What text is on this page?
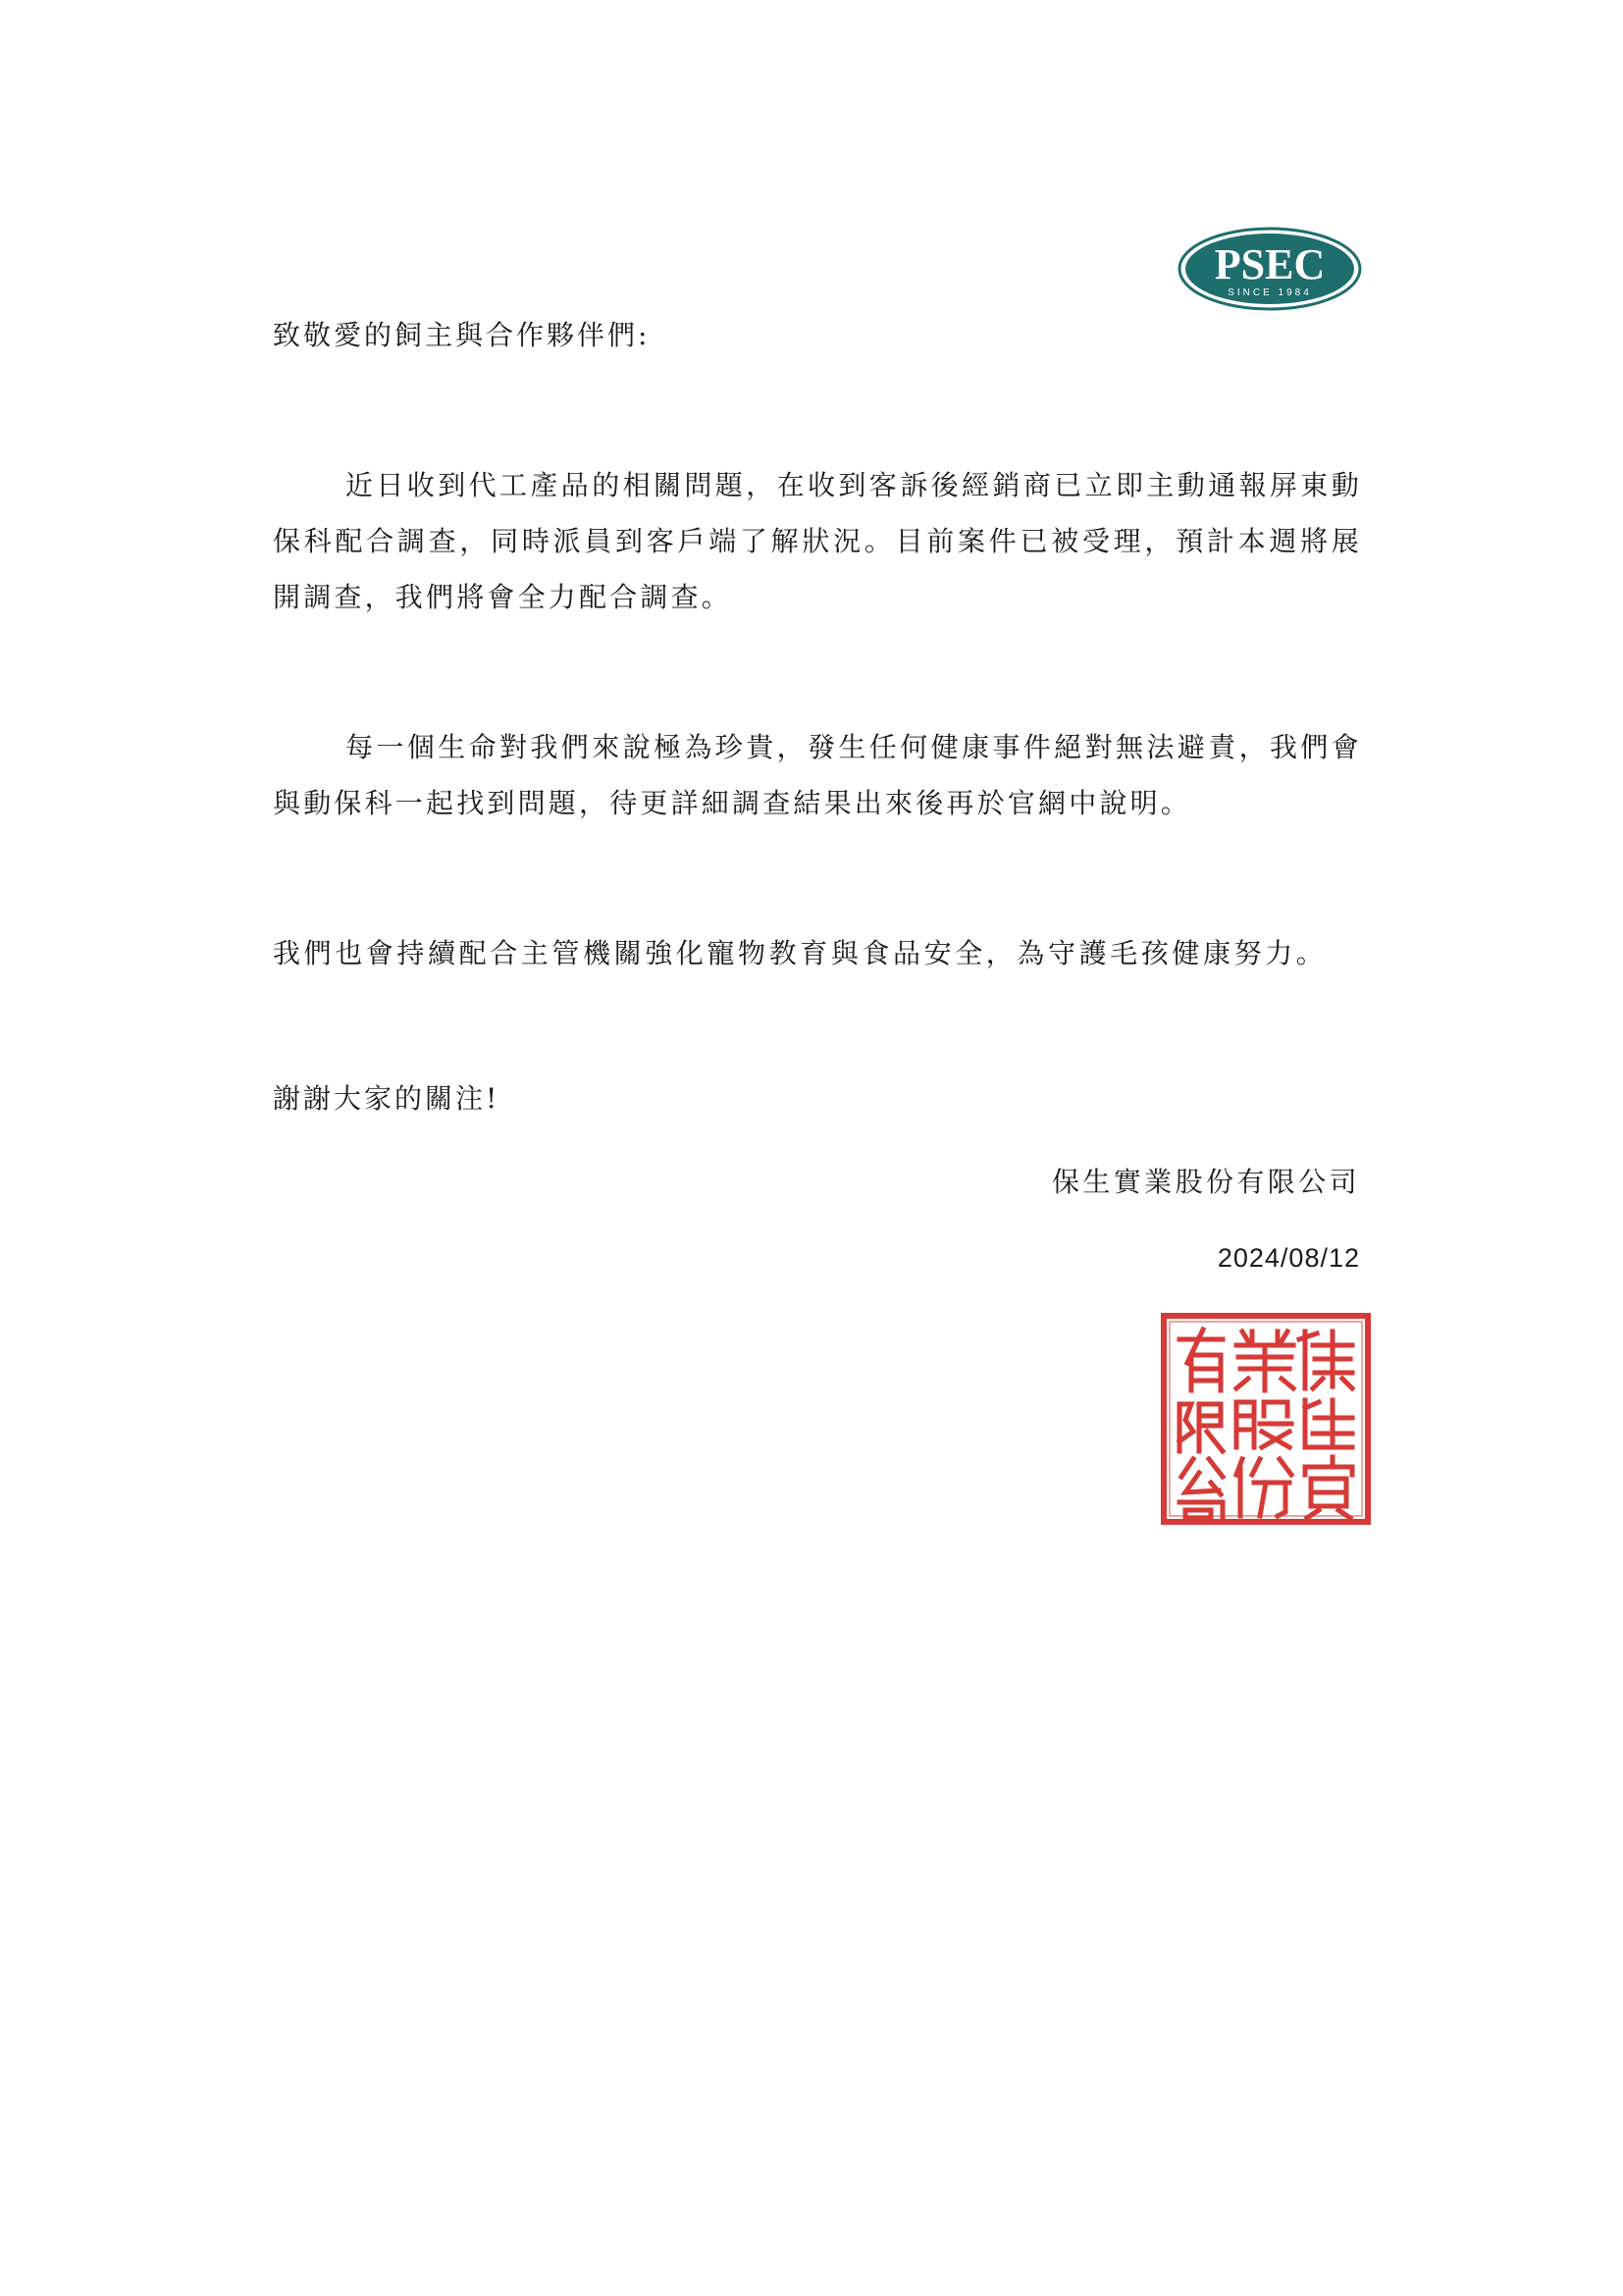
PSEC
SINCE 1984
致敬愛的飼主與合作夥伴們:
近日收到代工產品的相關問題，在收到客訴後經銷商已立即主動通報屏東動保科配合調查，同時派員到客戶端了解狀況。目前案件已被受理，預計本週將展開調查，我們將會全力配合調查。
每一個生命對我們來說極為珍貴，發生任何健康事件絕對無法避責，我們會與動保科一起找到問題，待更詳細調查結果出來後再於官網中說明。
我們也會持續配合主管機關強化寵物教育與食品安全，為守護毛孩健康努力。
謝謝大家的關注!
保生實業股份有限公司
2024/08/12
